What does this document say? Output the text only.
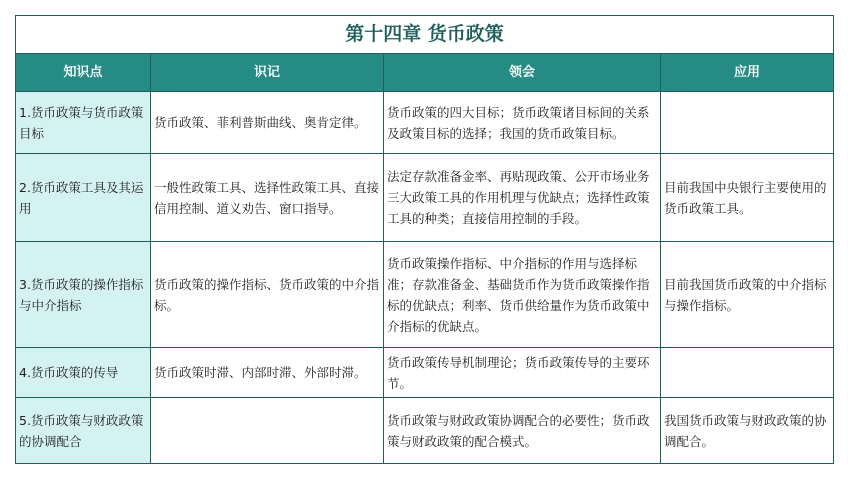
第十四章 货币政策			
知识点	识记	领会	应用
1.货币政策与货币政策目标	货币政策、菲利普斯曲线、奥肯定律。	货币政策的四大目标；货币政策诸目标间的关系及政策目标的选择；我国的货币政策目标。	
2.货币政策工具及其运用	一般性政策工具、选择性政策工具、直接信用控制、道义劝告、窗口指导。	法定存款准备金率、再贴现政策、公开市场业务三大政策工具的作用机理与优缺点；选择性政策工具的种类；直接信用控制的手段。	目前我国中央银行主要使用的货币政策工具。
3.货币政策的操作指标与中介指标	货币政策的操作指标、货币政策的中介指标。	货币政策操作指标、中介指标的作用与选择标准；存款准备金、基础货币作为货币政策操作指标的优缺点；利率、货币供给量作为货币政策中介指标的优缺点。	目前我国货币政策的中介指标与操作指标。
4.货币政策的传导	货币政策时滞、内部时滞、外部时滞。	货币政策传导机制理论；货币政策传导的主要环节。	
5.货币政策与财政政策的协调配合		货币政策与财政政策协调配合的必要性；货币政策与财政政策的配合模式。	我国货币政策与财政政策的协调配合。
